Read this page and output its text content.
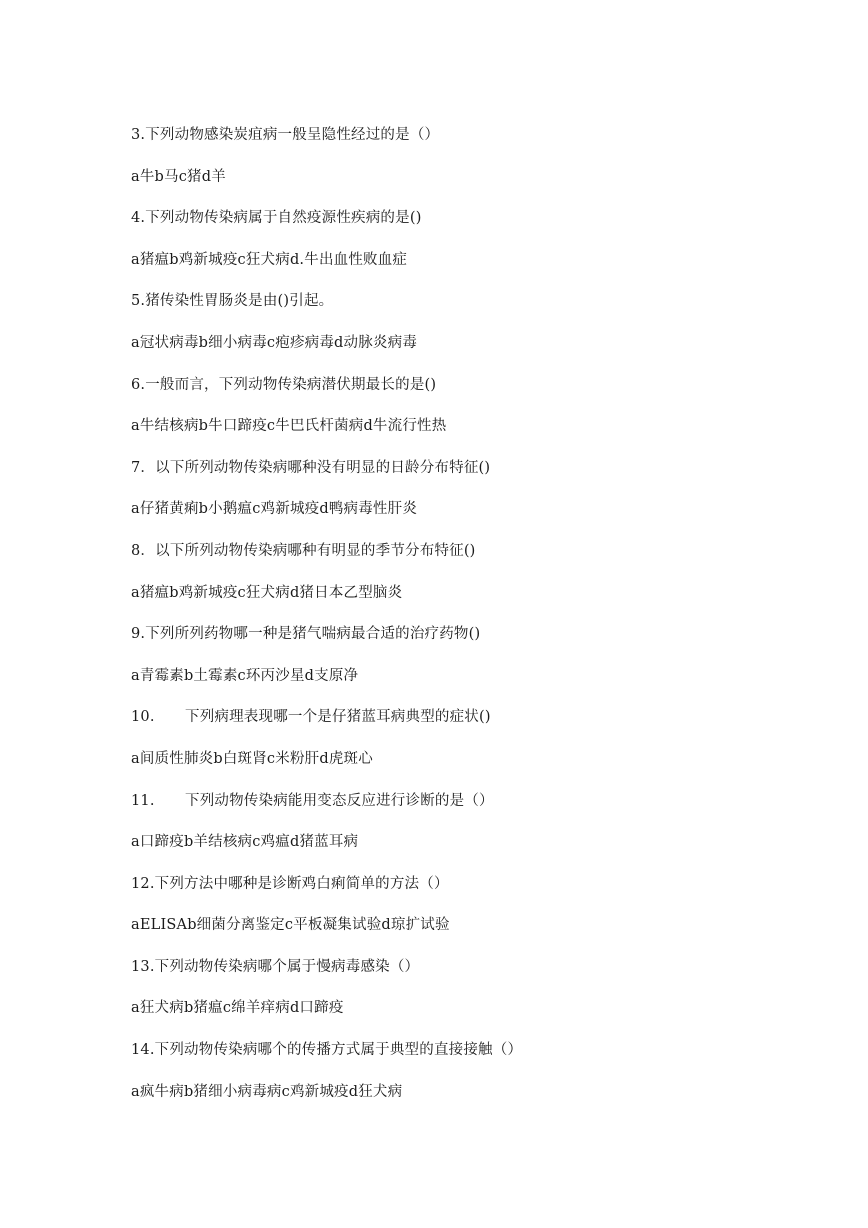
3.下列动物感染炭疽病一般呈隐性经过的是（）
a牛b马c猪d羊
4.下列动物传染病属于自然疫源性疾病的是()
a猪瘟b鸡新城疫c狂犬病d.牛出血性败血症
5.猪传染性胃肠炎是由()引起。
a冠状病毒b细小病毒c疱疹病毒d动脉炎病毒
6.一般而言，下列动物传染病潜伏期最长的是()
a牛结核病b牛口蹄疫c牛巴氏杆菌病d牛流行性热
7．以下所列动物传染病哪种没有明显的日龄分布特征()
a仔猪黄痢b小鹅瘟c鸡新城疫d鸭病毒性肝炎
8．以下所列动物传染病哪种有明显的季节分布特征()
a猪瘟b鸡新城疫c狂犬病d猪日本乙型脑炎
9.下列所列药物哪一种是猪气喘病最合适的治疗药物()
a青霉素b土霉素c环丙沙星d支原净
10. 下列病理表现哪一个是仔猪蓝耳病典型的症状()
a间质性肺炎b白斑肾c米粉肝d虎斑心
11. 下列动物传染病能用变态反应进行诊断的是（）
a口蹄疫b羊结核病c鸡瘟d猪蓝耳病
12.下列方法中哪种是诊断鸡白痢简单的方法（）
aELISAb细菌分离鉴定c平板凝集试验d琼扩试验
13.下列动物传染病哪个属于慢病毒感染（）
a狂犬病b猪瘟c绵羊痒病d口蹄疫
14.下列动物传染病哪个的传播方式属于典型的直接接触（）
a疯牛病b猪细小病毒病c鸡新城疫d狂犬病
